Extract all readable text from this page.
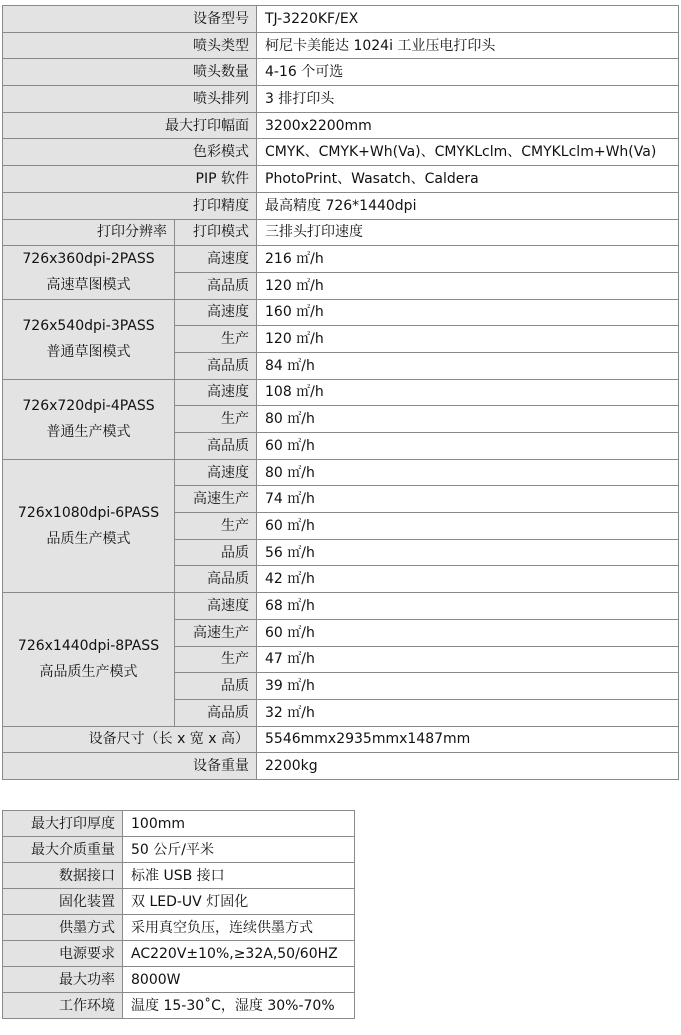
设备型号		TJ-3220KF/EX
喷头类型		柯尼卡美能达 1024i 工业压电打印头
喷头数量		4-16 个可选
喷头排列		3 排打印头
最大打印幅面		3200x2200mm
色彩模式		CMYK、CMYK+Wh(Va)、CMYKLclm、CMYKLclm+Wh(Va)
PIP 软件		PhotoPrint、Wasatch、Caldera
打印精度		最高精度 726*1440dpi
打印分辨率	打印模式	三排头打印速度

726x360dpi-2PASS
高速草图模式	高速度	216 ㎡/h
	高品质	120 ㎡/h

726x540dpi-3PASS
普通草图模式	高速度	160 ㎡/h
	生产	120 ㎡/h
	高品质	84 ㎡/h

726x720dpi-4PASS
普通生产模式	高速度	108 ㎡/h
	生产	80 ㎡/h
	高品质	60 ㎡/h

726x1080dpi-6PASS
品质生产模式	高速度	80 ㎡/h
	高速生产	74 ㎡/h
	生产	60 ㎡/h
	品质	56 ㎡/h
	高品质	42 ㎡/h

726x1440dpi-8PASS
高品质生产模式	高速度	68 ㎡/h
	高速生产	60 ㎡/h
	生产	47 ㎡/h
	品质	39 ㎡/h
	高品质	32 ㎡/h
设备尺寸（长 x 宽 x 高）		5546mmx2935mmx1487mm
设备重量		2200kg
最大打印厚度	100mm
最大介质重量	50 公斤/平米
数据接口	标准 USB 接口
固化装置	双 LED-UV 灯固化
供墨方式	采用真空负压，连续供墨方式
电源要求	AC220V±10%,≥32A,50/60HZ
最大功率	8000W
工作环境	温度 15-30˚C，湿度 30%-70%
